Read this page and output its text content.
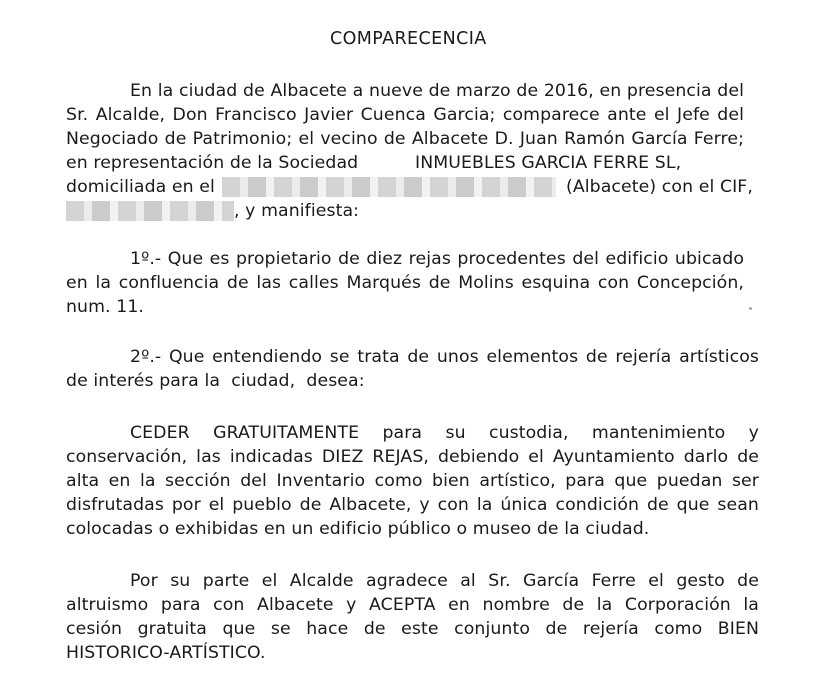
COMPARECENCIA
En la ciudad de Albacete a nueve de marzo de 2016, en presencia del
Sr. Alcalde, Don Francisco Javier Cuenca Garcia; comparece ante el Jefe del
Negociado de Patrimonio; el vecino de Albacete D. Juan Ramón García Ferre;
en representación de la Sociedad	INMUEBLES GARCIA FERRE SL,
domiciliada en el	(Albacete) con el CIF,
, y manifiesta:
1º.- Que es propietario de diez rejas procedentes del edificio ubicado
en la confluencia de las calles Marqués de Molins esquina con Concepción,
num. 11.
2º.- Que entendiendo se trata de unos elementos de rejería artísticos
de interés para la  ciudad,  desea:
CEDER GRATUITAMENTE para su custodia, mantenimiento y
conservación, las indicadas DIEZ REJAS, debiendo el Ayuntamiento darlo de
alta en la sección del Inventario como bien artístico, para que puedan ser
disfrutadas por el pueblo de Albacete, y con la única condición de que sean
colocadas o exhibidas en un edificio público o museo de la ciudad.
Por su parte el Alcalde agradece al Sr. García Ferre el gesto de
altruismo para con Albacete y ACEPTA en nombre de la Corporación la
cesión gratuita que se hace de este conjunto de rejería como BIEN
HISTORICO-ARTÍSTICO.
